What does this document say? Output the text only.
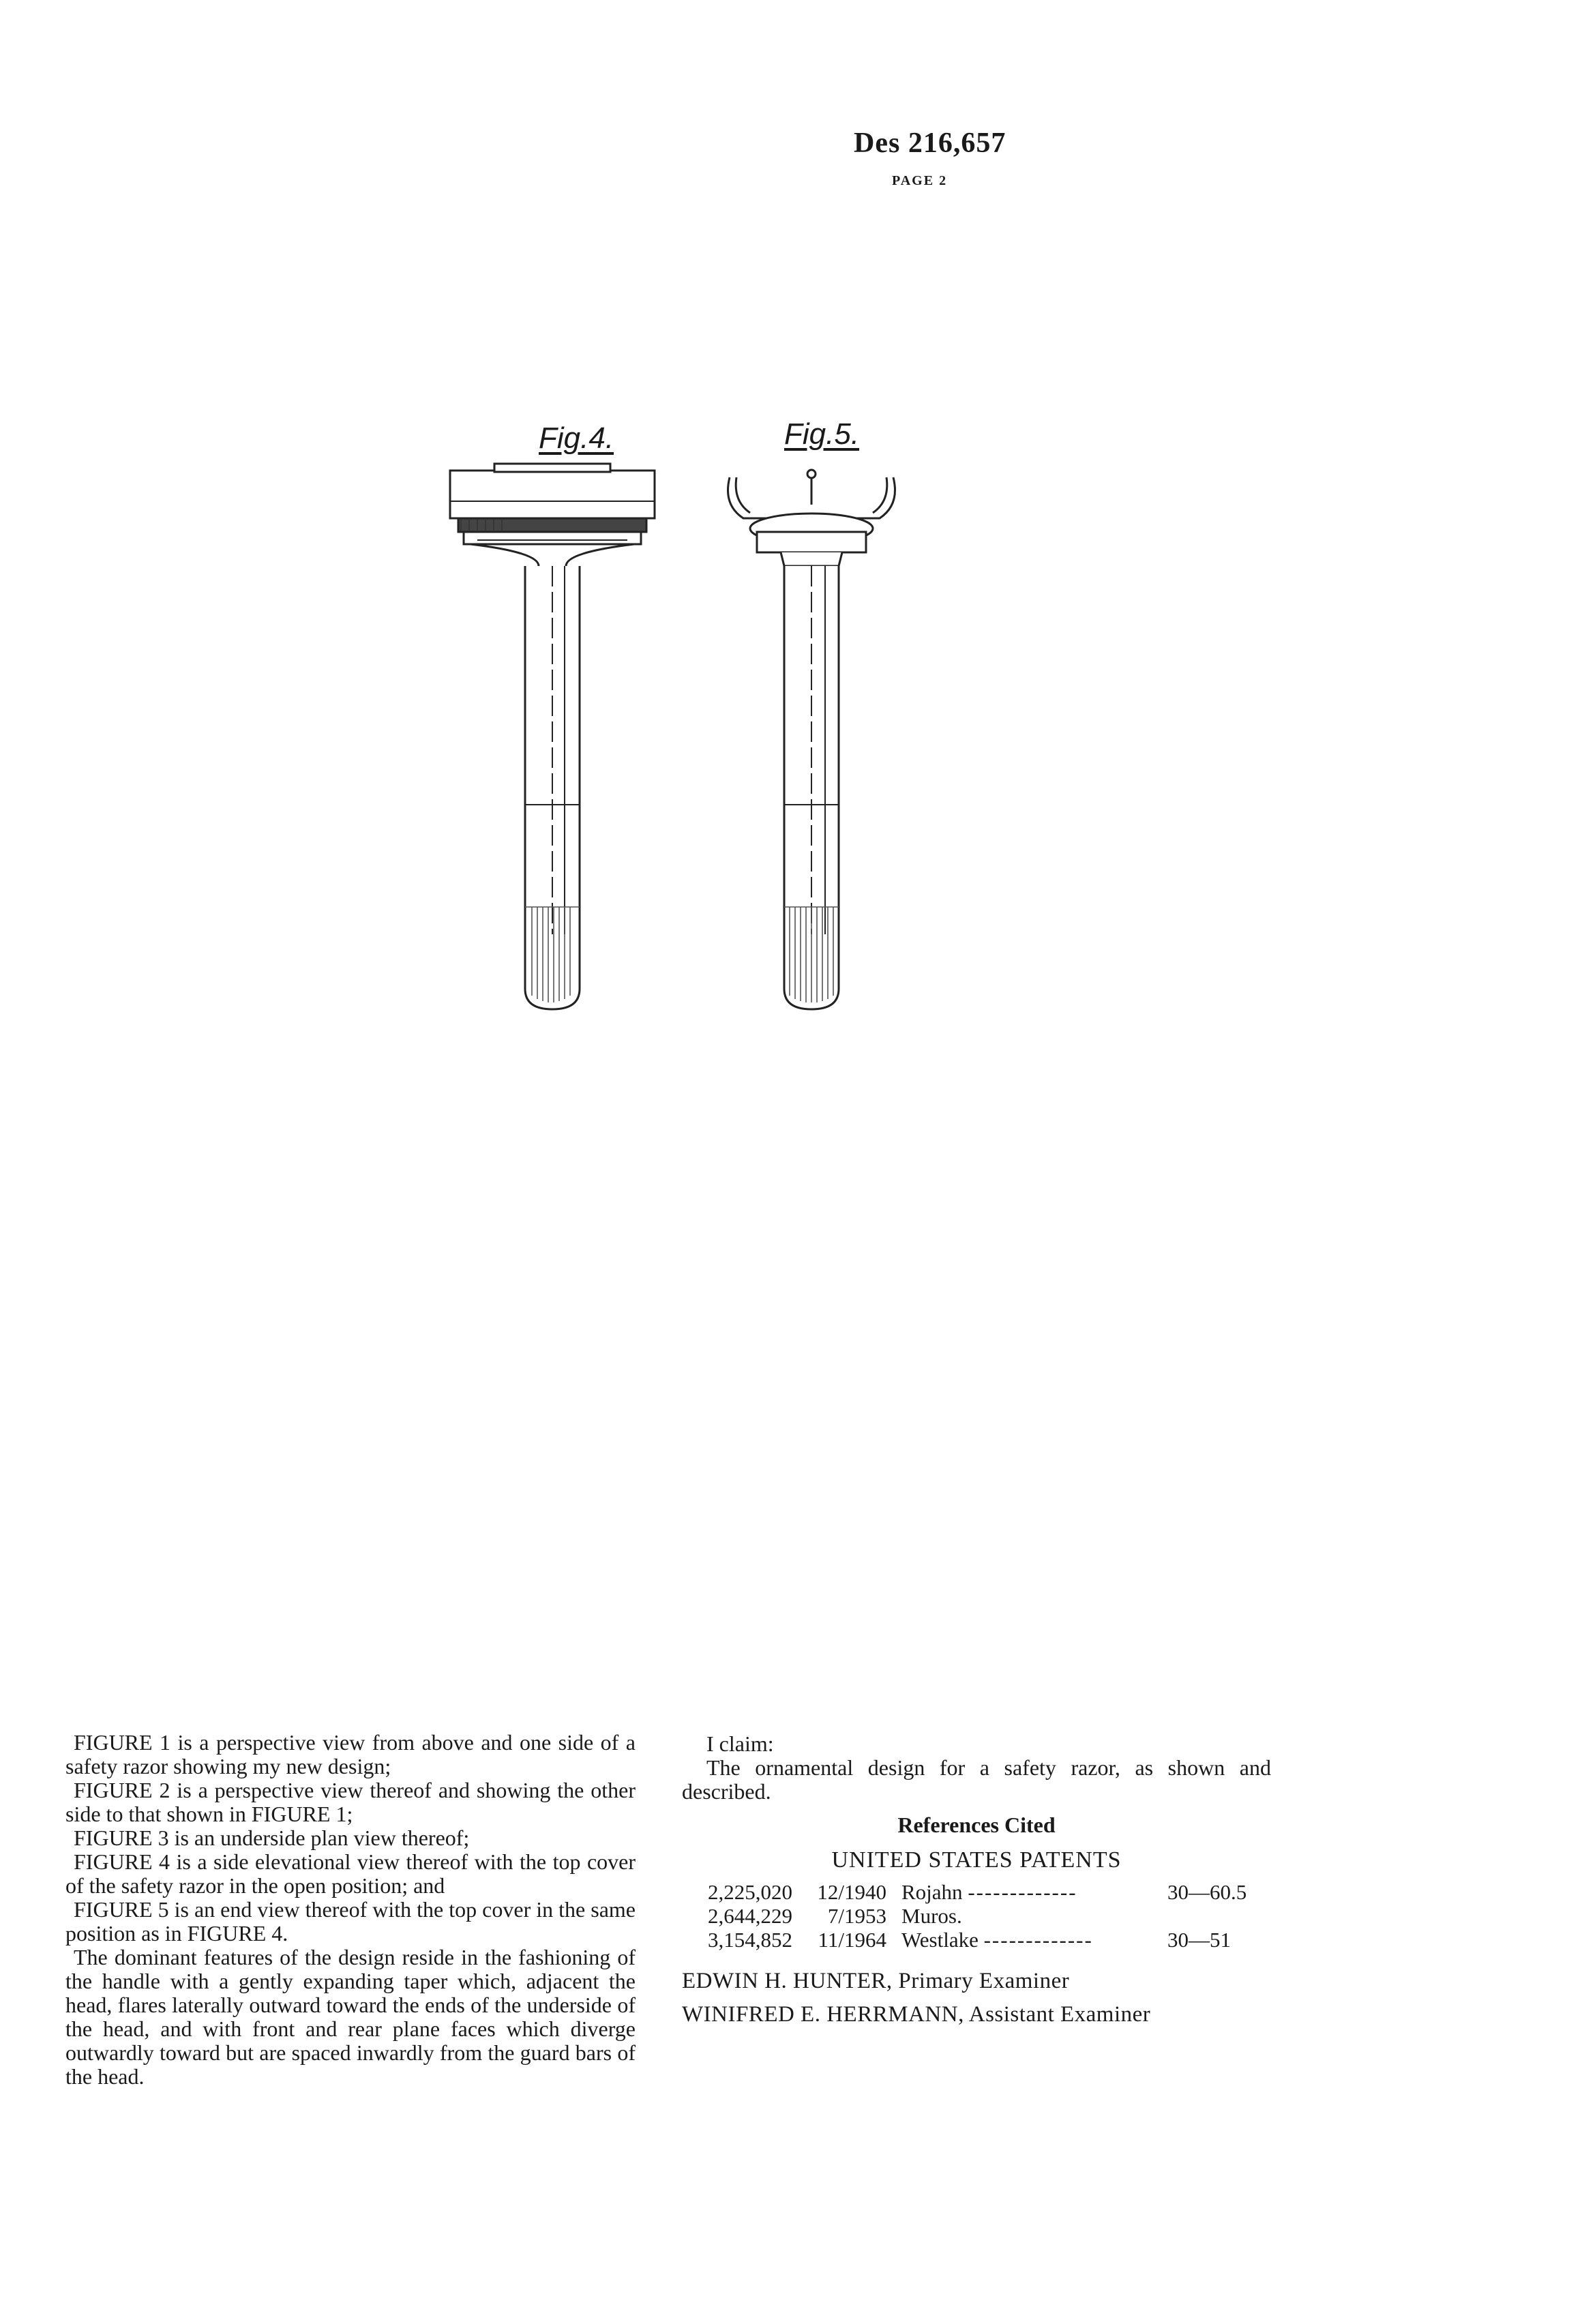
Des 216,657
PAGE 2
Fig.4.	Fig.5.

FIGURE 1 is a perspective view from above and one side of a safety razor showing my new design;

FIGURE 2 is a perspective view thereof and showing the other side to that shown in FIGURE 1;

FIGURE 3 is an underside plan view thereof;

FIGURE 4 is a side elevational view thereof with the top cover of the safety razor in the open position; and

FIGURE 5 is an end view thereof with the top cover in the same position as in FIGURE 4.

The dominant features of the design reside in the fashioning of the handle with a gently expanding taper which, adjacent the head, flares laterally outward toward the ends of the underside of the head, and with front and rear plane faces which diverge outwardly toward but are spaced inwardly from the guard bars of the head.

I claim:

The ornamental design for a safety razor, as shown and described.

References Cited

UNITED STATES PATENTS

2,225,020	12/1940	Rojahn -------------	30—60.5
2,644,229	7/1953	Muros.	
3,154,852	11/1964	Westlake -------------	30—51

EDWIN H. HUNTER, Primary Examiner

WINIFRED E. HERRMANN, Assistant Examiner
